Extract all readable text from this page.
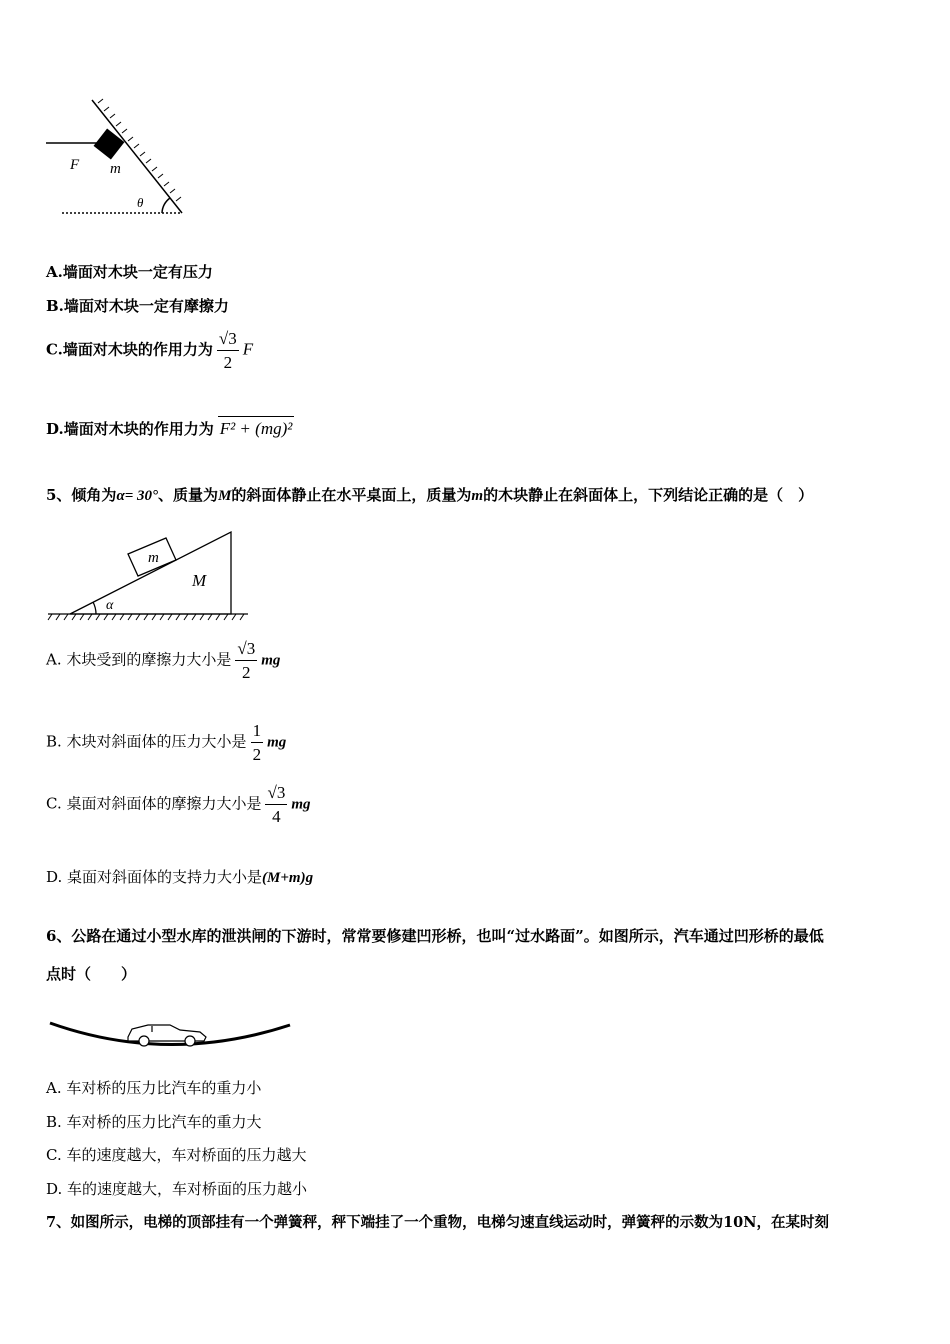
F m
θ
A.墙面对木块一定有压力
B.墙面对木块一定有摩擦力
C.墙面对木块的作用力为 $\frac{√3}{2}$ F
D.墙面对木块的作用力为 F² + (mg)²
5、倾角为α= 30°、质量为M的斜面体静止在水平桌面上，质量为m的木块静止在斜面体上，下列结论正确的是（　）
m
M
α
A. 木块受到的摩擦力大小是 $\frac{√3}{2}$ mg
B. 木块对斜面体的压力大小是 $\frac{1}{2}$ mg
C. 桌面对斜面体的摩擦力大小是 $\frac{√3}{4}$ mg
D. 桌面对斜面体的支持力大小是(M+m)g
6、公路在通过小型水库的泄洪闸的下游时，常常要修建凹形桥，也叫“过水路面”。如图所示，汽车通过凹形桥的最低
点时（　　）
A. 车对桥的压力比汽车的重力小
B. 车对桥的压力比汽车的重力大
C. 车的速度越大，车对桥面的压力越大
D. 车的速度越大，车对桥面的压力越小
7、如图所示，电梯的顶部挂有一个弹簧秤，秤下端挂了一个重物，电梯匀速直线运动时，弹簧秤的示数为10N，在某时刻
